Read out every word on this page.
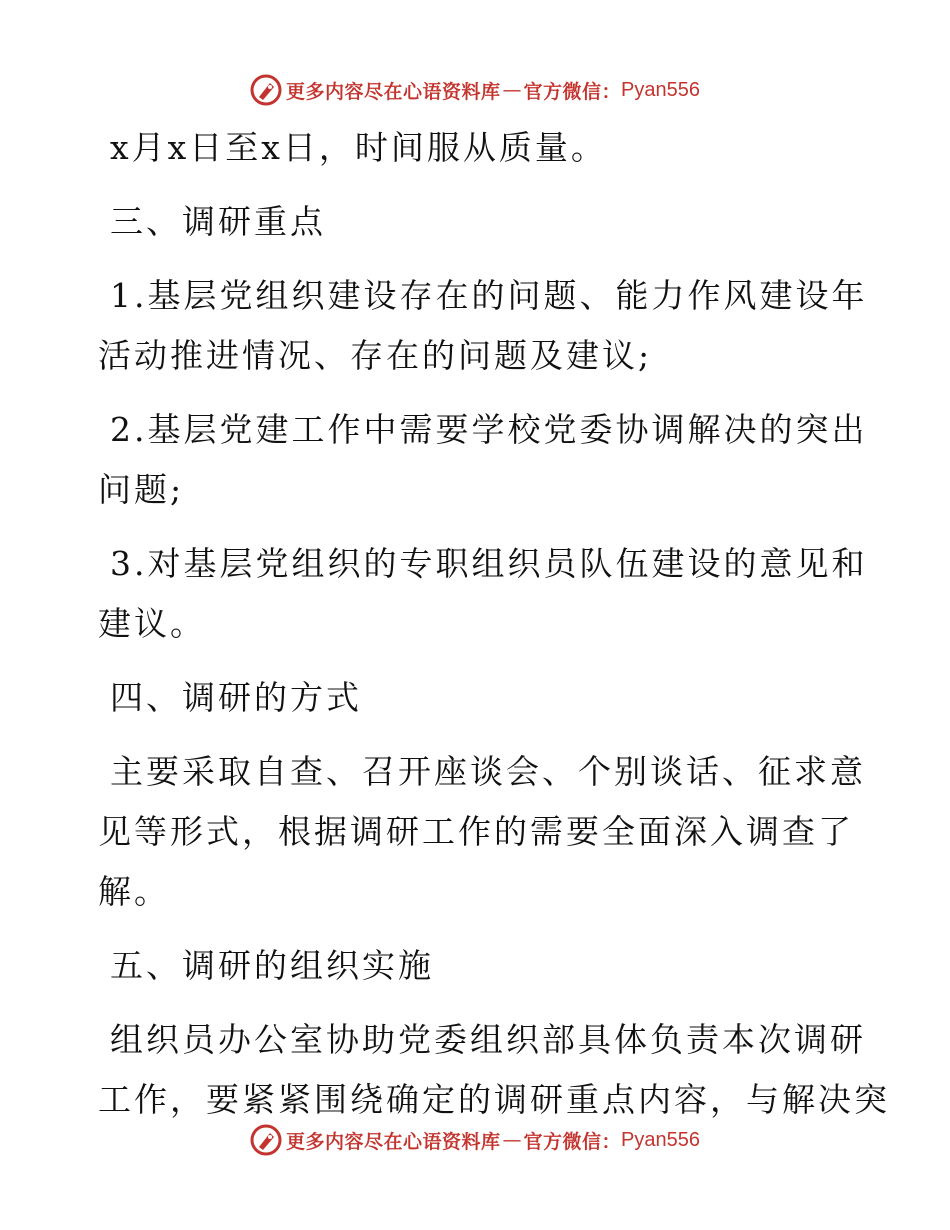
更多内容尽在心语资料库 — 官方微信： Pyan556
x月x日至x日，时间服从质量。
三、调研重点
1.基层党组织建设存在的问题、能力作风建设年
活动推进情况、存在的问题及建议;
2.基层党建工作中需要学校党委协调解决的突出
问题;
3.对基层党组织的专职组织员队伍建设的意见和
建议。
四、调研的方式
主要采取自查、召开座谈会、个别谈话、征求意
见等形式，根据调研工作的需要全面深入调查了
解。
五、调研的组织实施
组织员办公室协助党委组织部具体负责本次调研
工作，要紧紧围绕确定的调研重点内容，与解决突
更多内容尽在心语资料库 — 官方微信： Pyan556
